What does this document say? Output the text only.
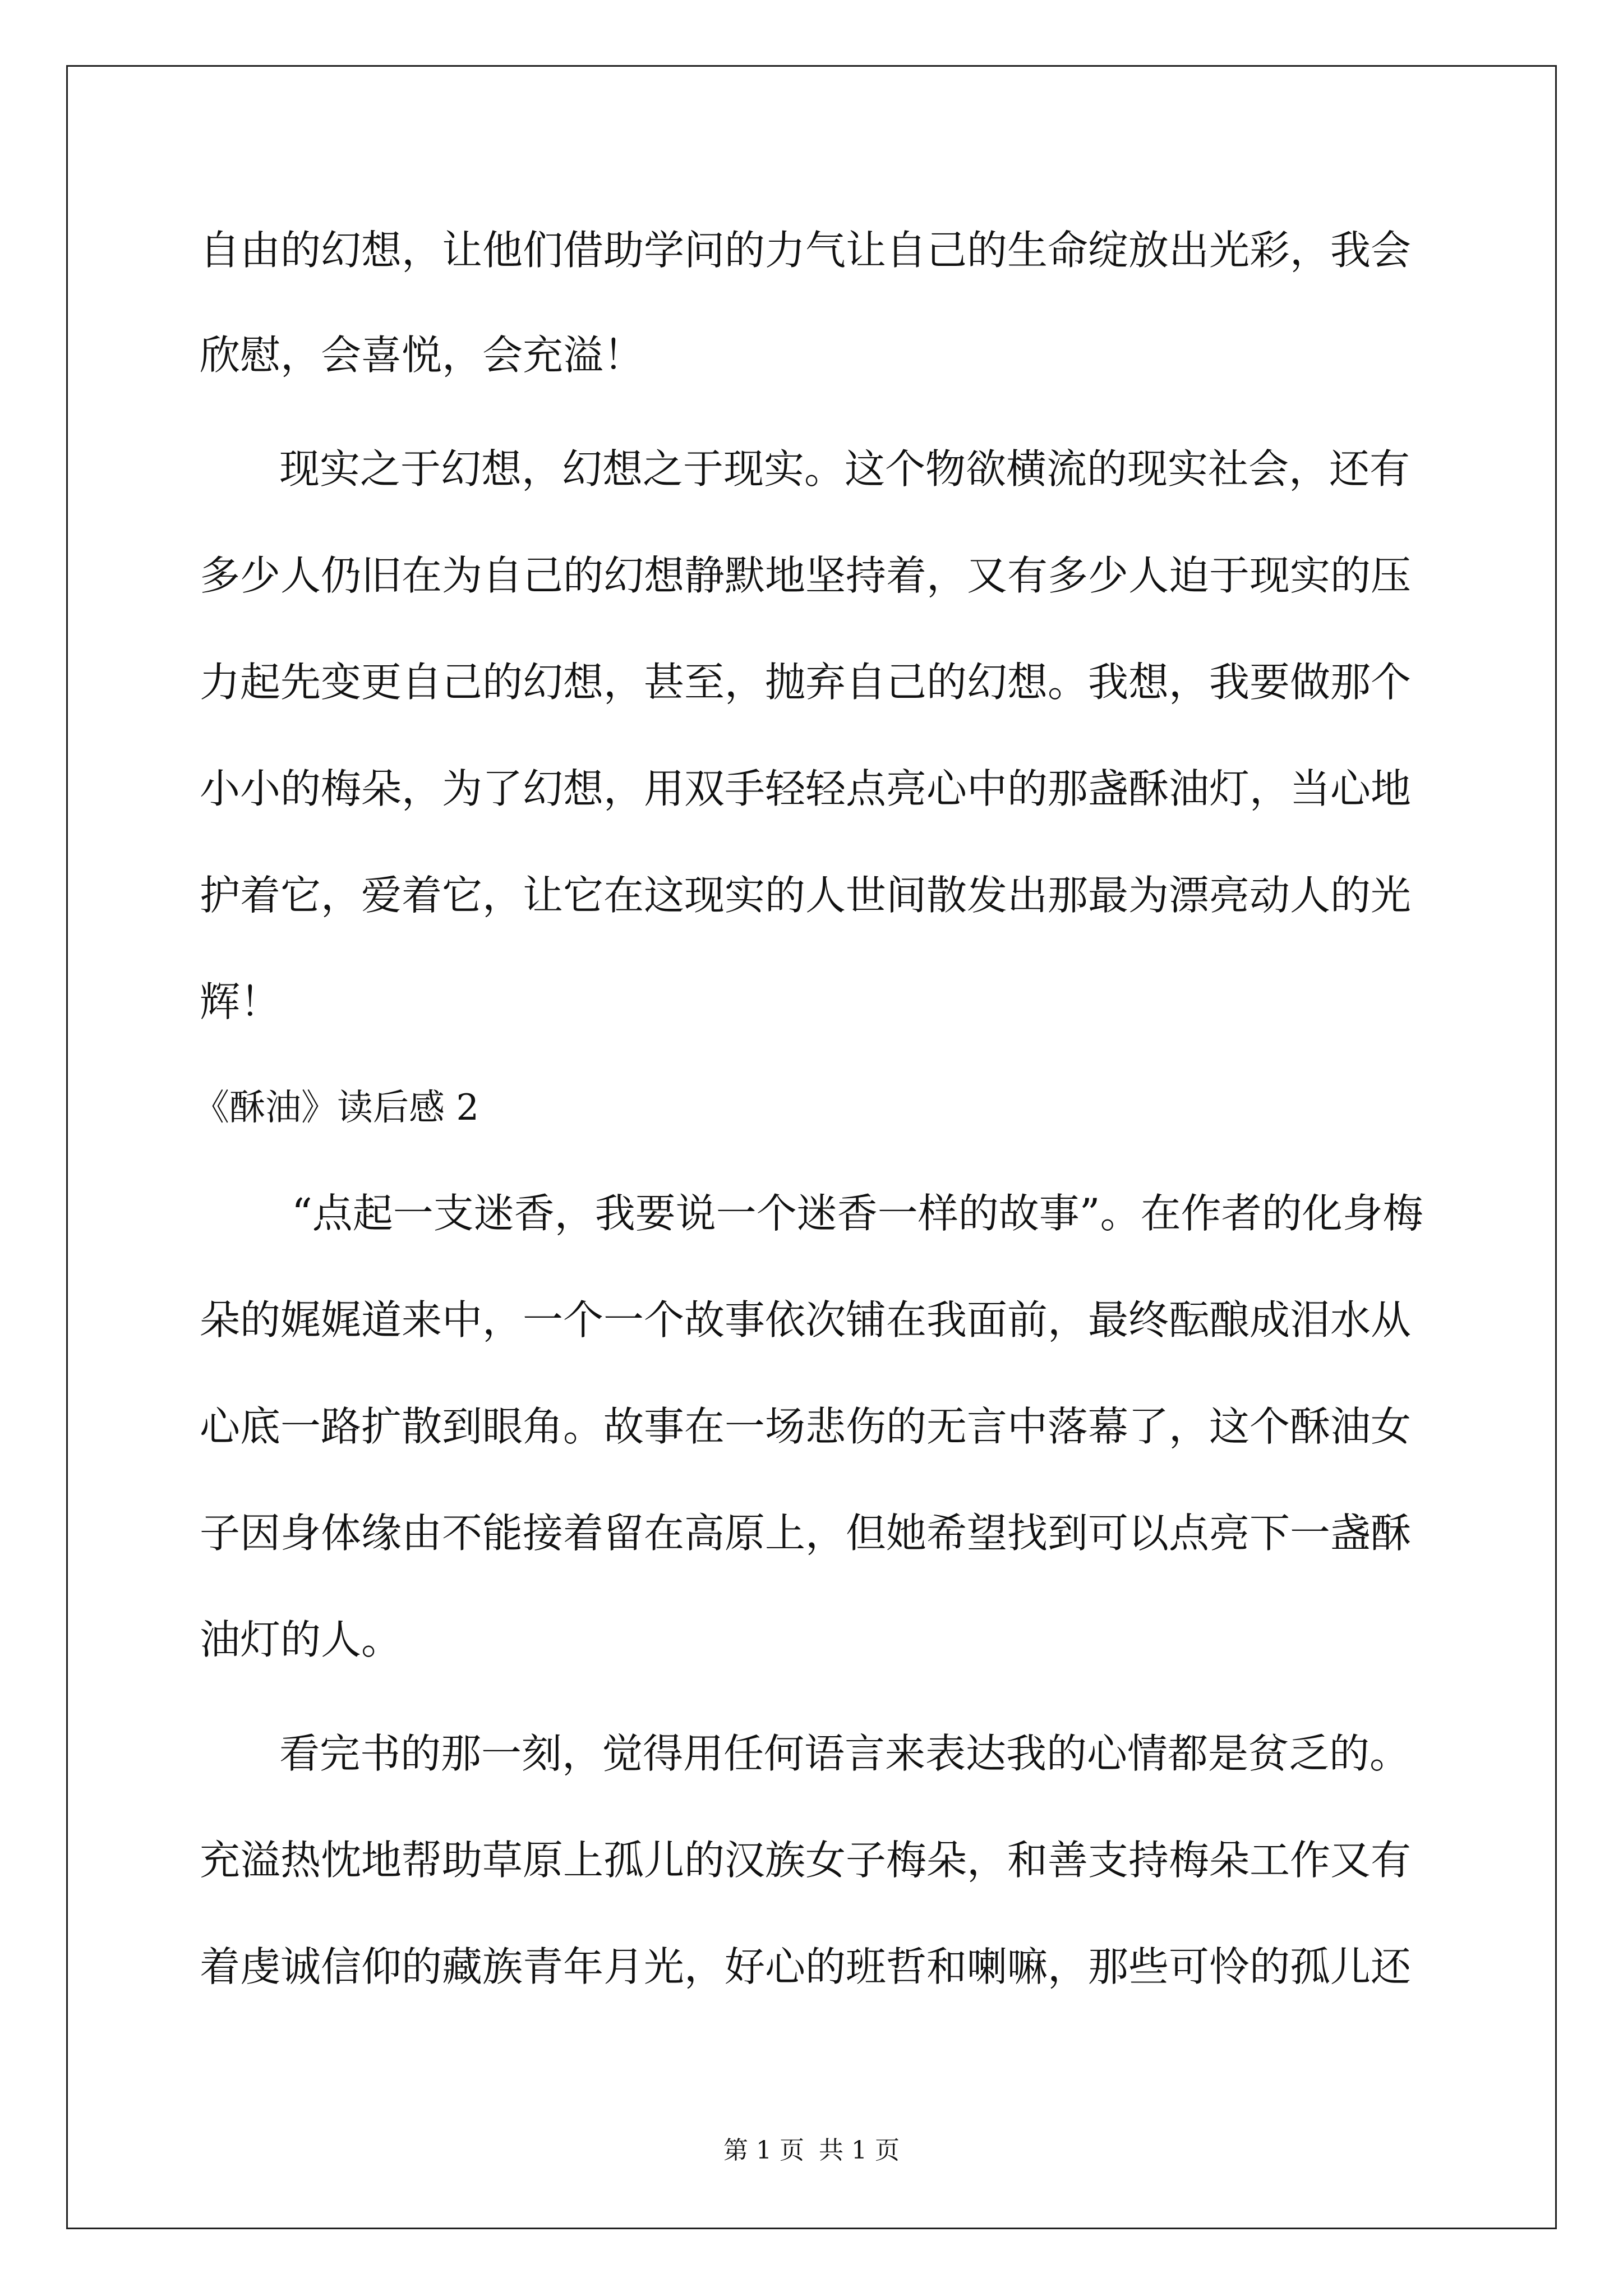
自由的幻想，让他们借助学问的力气让自己的生命绽放出光彩，我会
欣慰，会喜悦，会充溢！
现实之于幻想，幻想之于现实。这个物欲横流的现实社会，还有
多少人仍旧在为自己的幻想静默地坚持着，又有多少人迫于现实的压
力起先变更自己的幻想，甚至，抛弃自己的幻想。我想，我要做那个
小小的梅朵，为了幻想，用双手轻轻点亮心中的那盏酥油灯，当心地
护着它，爱着它，让它在这现实的人世间散发出那最为漂亮动人的光
辉！
《酥油》读后感 2
“点起一支迷香，我要说一个迷香一样的故事”。在作者的化身梅
朵的娓娓道来中，一个一个故事依次铺在我面前，最终酝酿成泪水从
心底一路扩散到眼角。故事在一场悲伤的无言中落幕了，这个酥油女
子因身体缘由不能接着留在高原上，但她希望找到可以点亮下一盏酥
油灯的人。
看完书的那一刻，觉得用任何语言来表达我的心情都是贫乏的。
充溢热忱地帮助草原上孤儿的汉族女子梅朵，和善支持梅朵工作又有
着虔诚信仰的藏族青年月光，好心的班哲和喇嘛，那些可怜的孤儿还
第 1 页 共 1 页
